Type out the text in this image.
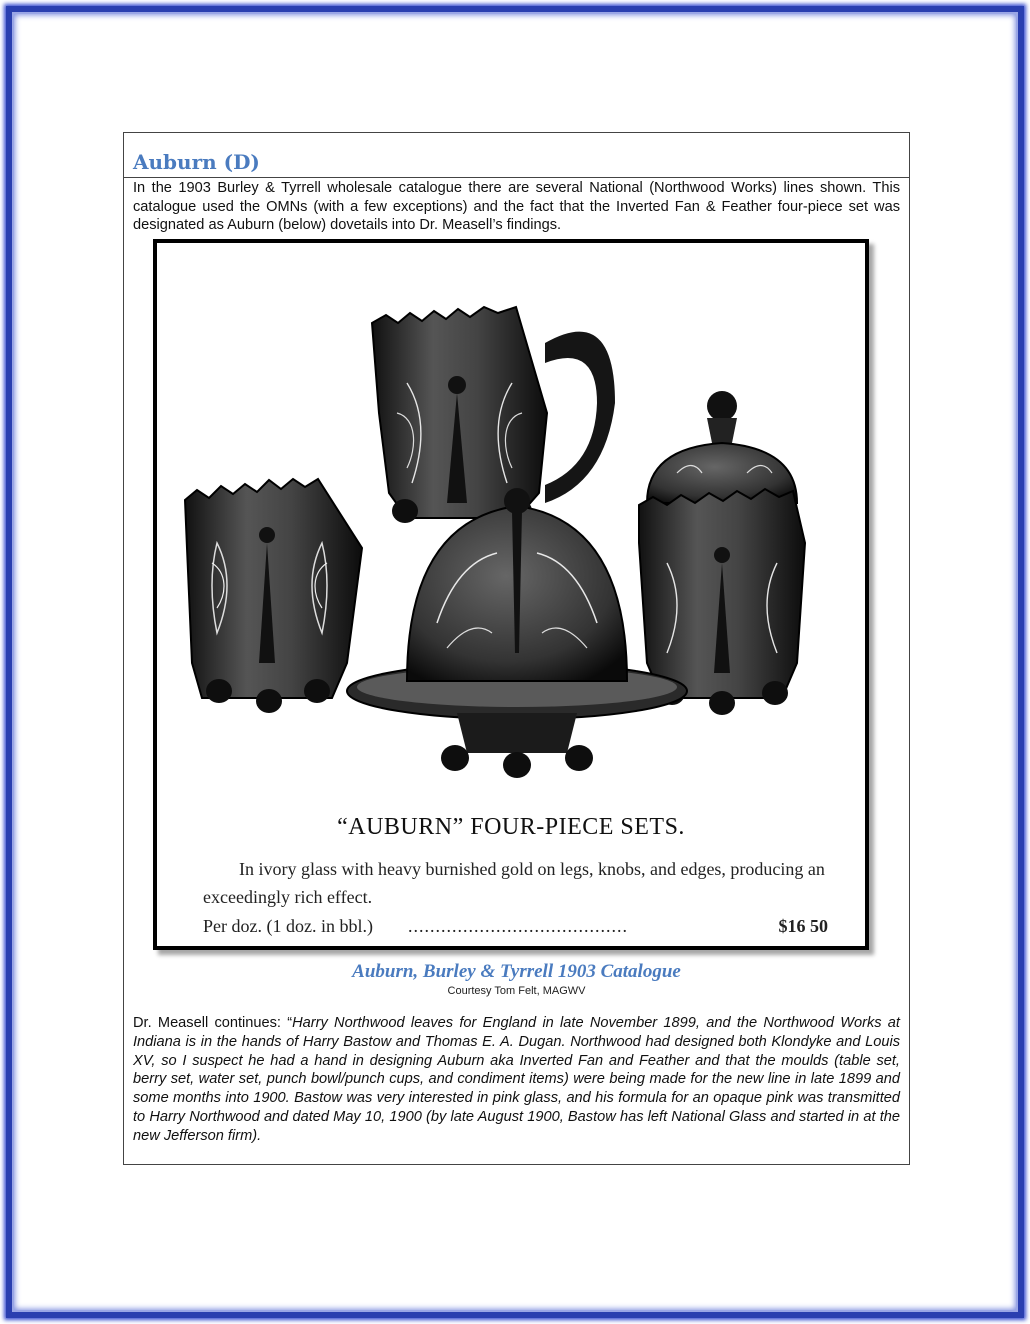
Auburn (D)

In the 1903 Burley & Tyrrell wholesale catalogue there are several National (Northwood Works) lines shown. This catalogue used the OMNs (with a few exceptions) and the fact that the Inverted Fan & Feather four-piece set was designated as Auburn (below) dovetails into Dr. Measell’s findings.

“AUBURN” FOUR-PIECE SETS.

In ivory glass with heavy burnished gold on legs, knobs, and edges, producing an exceedingly rich effect.

Per doz. (1 doz. in bbl.) ........................................	$16 50
Auburn, Burley & Tyrrell 1903 Catalogue
Courtesy Tom Felt, MAGWV

Dr. Measell continues: “Harry Northwood leaves for England in late November 1899, and the Northwood Works at Indiana is in the hands of Harry Bastow and Thomas E. A. Dugan. Northwood had designed both Klondyke and Louis XV, so I suspect he had a hand in designing Auburn aka Inverted Fan and Feather and that the moulds (table set, berry set, water set, punch bowl/punch cups, and condiment items) were being made for the new line in late 1899 and some months into 1900. Bastow was very interested in pink glass, and his formula for an opaque pink was transmitted to Harry Northwood and dated May 10, 1900 (by late August 1900, Bastow has left National Glass and started in at the new Jefferson firm).
